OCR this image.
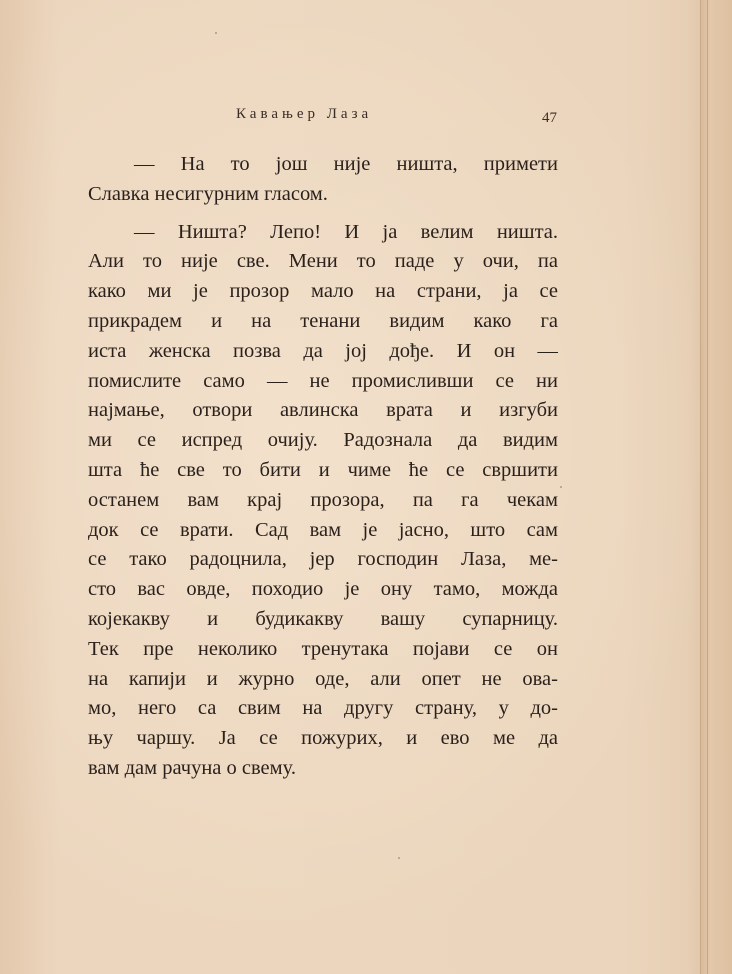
Кавањер Лаза	47
— На то још није ништа, примети
Славка несигурним гласом.
— Ништа? Лепо! И ја велим ништа.
Али то није све. Мени то паде у очи, па
како ми је прозор мало на страни, ја се
прикрадем и на тенани видим како га
иста женска позва да јој дође. И он —
помислите само — не промисливши се ни
најмање, отвори авлинска врата и изгуби
ми се испред очију. Радознала да видим
шта ће све то бити и чиме ће се свршити
останем вам крај прозора, па га чекам
док се врати. Сад вам је јасно, што сам
се тако радоцнила, јер господин Лаза, ме-
сто вас овде, походио је ону тамо, можда
којекакву и будикакву вашу супарницу.
Тек пре неколико тренутака појави се он
на капији и журно оде, али опет не ова-
мо, него са свим на другу страну, у до-
њу чаршу. Ја се пожурих, и ево ме да
вам дам рачуна о свему.
